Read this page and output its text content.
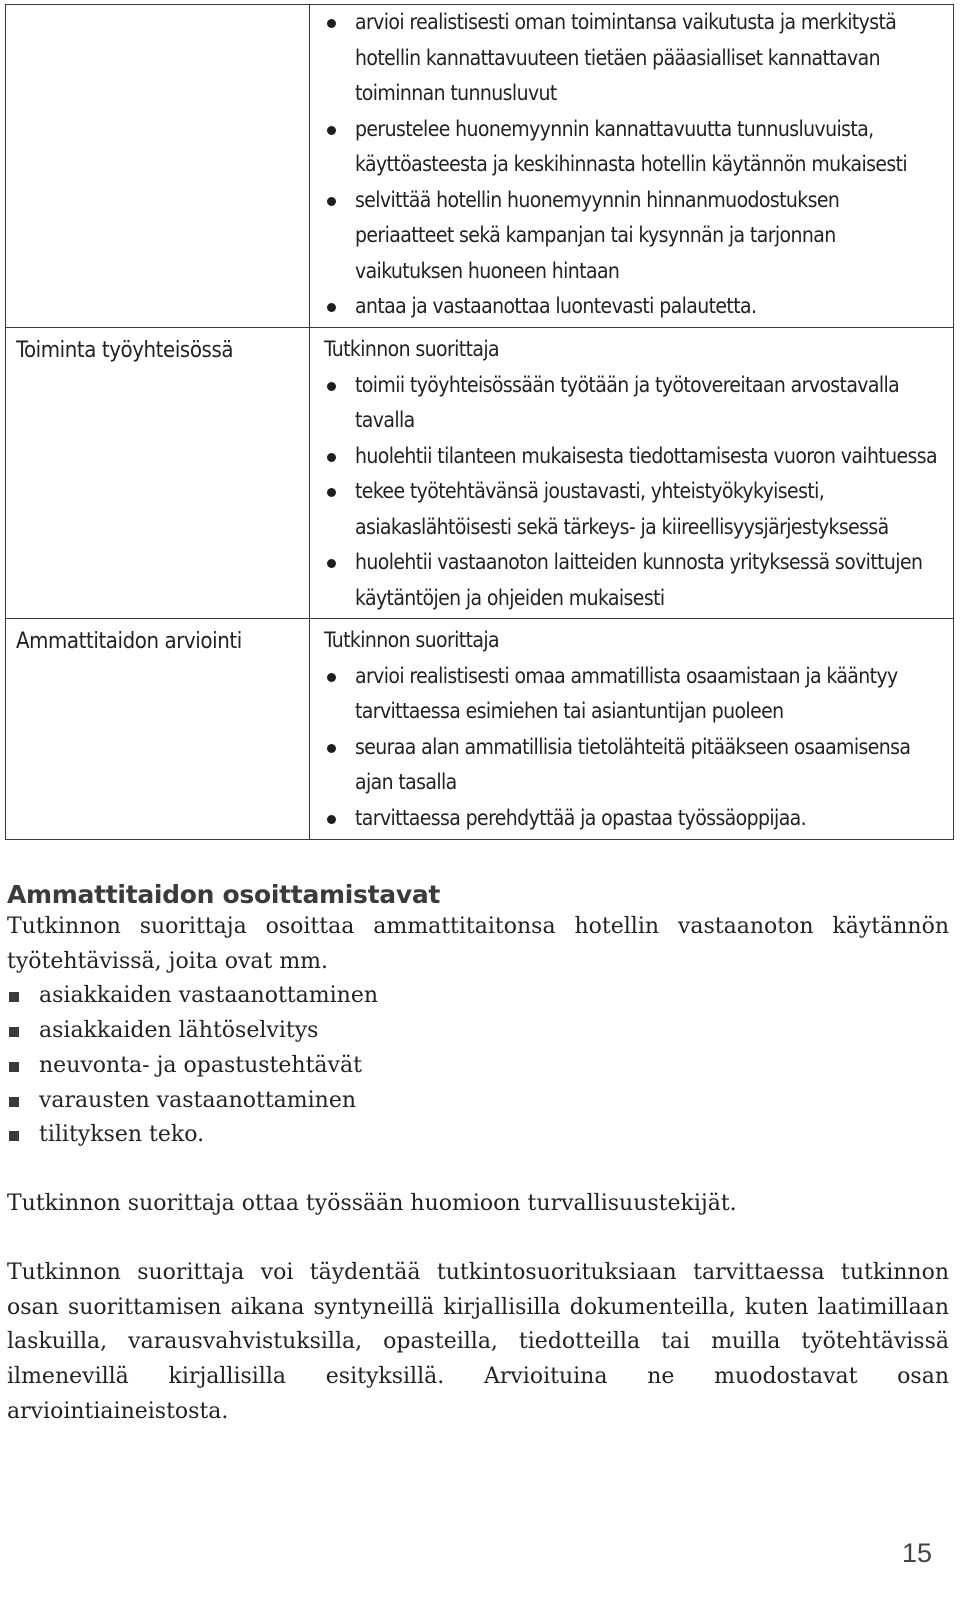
arvioi realistisesti oman toimintansa vaikutusta ja merkitystä hotellin kannattavuuteen tietäen pääasialliset kannattavan toiminnan tunnusluvut
perustelee huonemyynnin kannattavuutta tunnusluvuista, käyttöasteesta ja keskihinnasta hotellin käytännön mukaisesti
selvittää hotellin huonemyynnin hinnanmuodostuksen periaatteet sekä kampanjan tai kysynnän ja tarjonnan vaikutuksen huoneen hintaan
antaa ja vastaanottaa luontevasti palautetta.
Toiminta työyhteisössä	Tutkinnon suorittaja
toimii työyhteisössään työtään ja työtovereitaan arvostavalla tavalla
huolehtii tilanteen mukaisesta tiedottamisesta vuoron vaihtuessa
tekee työtehtävänsä joustavasti, yhteistyökykyisesti, asiakaslähtöisesti sekä tärkeys- ja kiireellisyysjärjestyksessä
huolehtii vastaanoton laitteiden kunnosta yrityksessä sovittujen käytäntöjen ja ohjeiden mukaisesti
Ammattitaidon arviointi	Tutkinnon suorittaja
arvioi realistisesti omaa ammatillista osaamistaan ja kääntyy tarvittaessa esimiehen tai asiantuntijan puoleen
seuraa alan ammatillisia tietolähteitä pitääkseen osaamisensa ajan tasalla
tarvittaessa perehdyttää ja opastaa työssäoppijaa.
Ammattitaidon osoittamistavat
Tutkinnon suorittaja osoittaa ammattitaitonsa hotellin vastaanoton käytännön työtehtävissä, joita ovat mm.
asiakkaiden vastaanottaminen
asiakkaiden lähtöselvitys
neuvonta- ja opastustehtävät
varausten vastaanottaminen
tilityksen teko.
Tutkinnon suorittaja ottaa työssään huomioon turvallisuustekijät.
Tutkinnon suorittaja voi täydentää tutkintosuorituksiaan tarvittaessa tutkinnon osan suorittamisen aikana syntyneillä kirjallisilla dokumenteilla, kuten laatimillaan laskuilla, varausvahvistuksilla, opasteilla, tiedotteilla tai muilla työtehtävissä ilmenevillä kirjallisilla esityksillä. Arvioituina ne muodostavat osan arviointiaineistosta.
15
